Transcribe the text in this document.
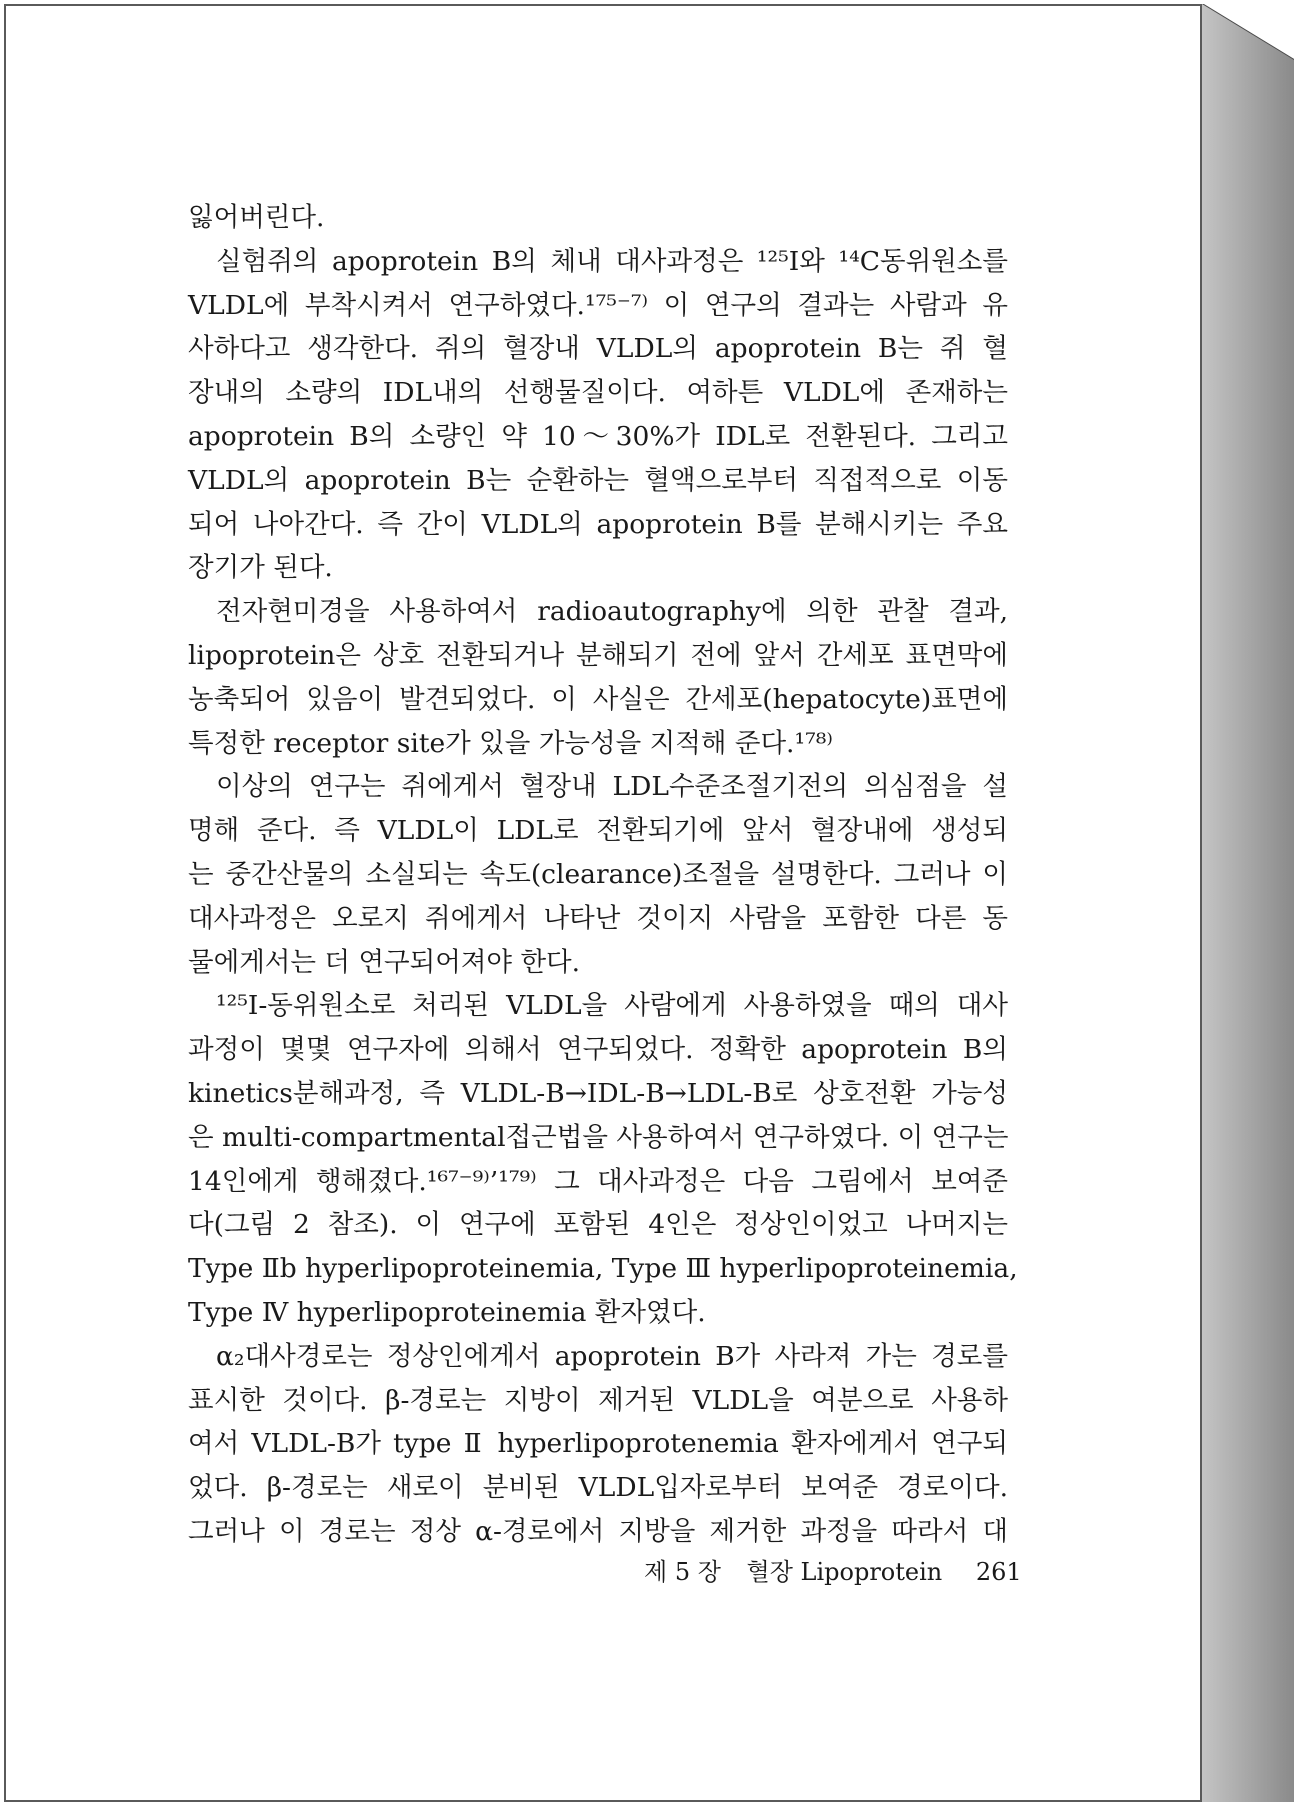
잃어버린다.
실험쥐의 apoprotein B의 체내 대사과정은 ¹²⁵I와 ¹⁴C동위원소를
VLDL에 부착시켜서 연구하였다.¹⁷⁵⁻⁷⁾ 이 연구의 결과는 사람과 유
사하다고 생각한다. 쥐의 혈장내 VLDL의 apoprotein B는 쥐 혈
장내의 소량의 IDL내의 선행물질이다. 여하튼 VLDL에 존재하는
apoprotein B의 소량인 약 10～30%가 IDL로 전환된다. 그리고
VLDL의 apoprotein B는 순환하는 혈액으로부터 직접적으로 이동
되어 나아간다. 즉 간이 VLDL의 apoprotein B를 분해시키는 주요
장기가 된다.
전자현미경을 사용하여서 radioautography에 의한 관찰 결과,
lipoprotein은 상호 전환되거나 분해되기 전에 앞서 간세포 표면막에
농축되어 있음이 발견되었다. 이 사실은 간세포(hepatocyte)표면에
특정한 receptor site가 있을 가능성을 지적해 준다.¹⁷⁸⁾
이상의 연구는 쥐에게서 혈장내 LDL수준조절기전의 의심점을 설
명해 준다. 즉 VLDL이 LDL로 전환되기에 앞서 혈장내에 생성되
는 중간산물의 소실되는 속도(clearance)조절을 설명한다. 그러나 이
대사과정은 오로지 쥐에게서 나타난 것이지 사람을 포함한 다른 동
물에게서는 더 연구되어져야 한다.
¹²⁵I-동위원소로 처리된 VLDL을 사람에게 사용하였을 때의 대사
과정이 몇몇 연구자에 의해서 연구되었다. 정확한 apoprotein B의
kinetics분해과정, 즉 VLDL-B→IDL-B→LDL-B로 상호전환 가능성
은 multi-compartmental접근법을 사용하여서 연구하였다. 이 연구는
14인에게 행해졌다.¹⁶⁷⁻⁹⁾’¹⁷⁹⁾ 그 대사과정은 다음 그림에서 보여준
다(그림 2 참조). 이 연구에 포함된 4인은 정상인이었고 나머지는
Type Ⅱb hyperlipoproteinemia, Type Ⅲ hyperlipoproteinemia,
Type Ⅳ hyperlipoproteinemia 환자였다.
α₂대사경로는 정상인에게서 apoprotein B가 사라져 가는 경로를
표시한 것이다. β-경로는 지방이 제거된 VLDL을 여분으로 사용하
여서 VLDL-B가 type Ⅱ hyperlipoprotenemia 환자에게서 연구되
었다. β-경로는 새로이 분비된 VLDL입자로부터 보여준 경로이다.
그러나 이 경로는 정상 α-경로에서 지방을 제거한 과정을 따라서 대
제 5 장 혈장 Lipoprotein 261
